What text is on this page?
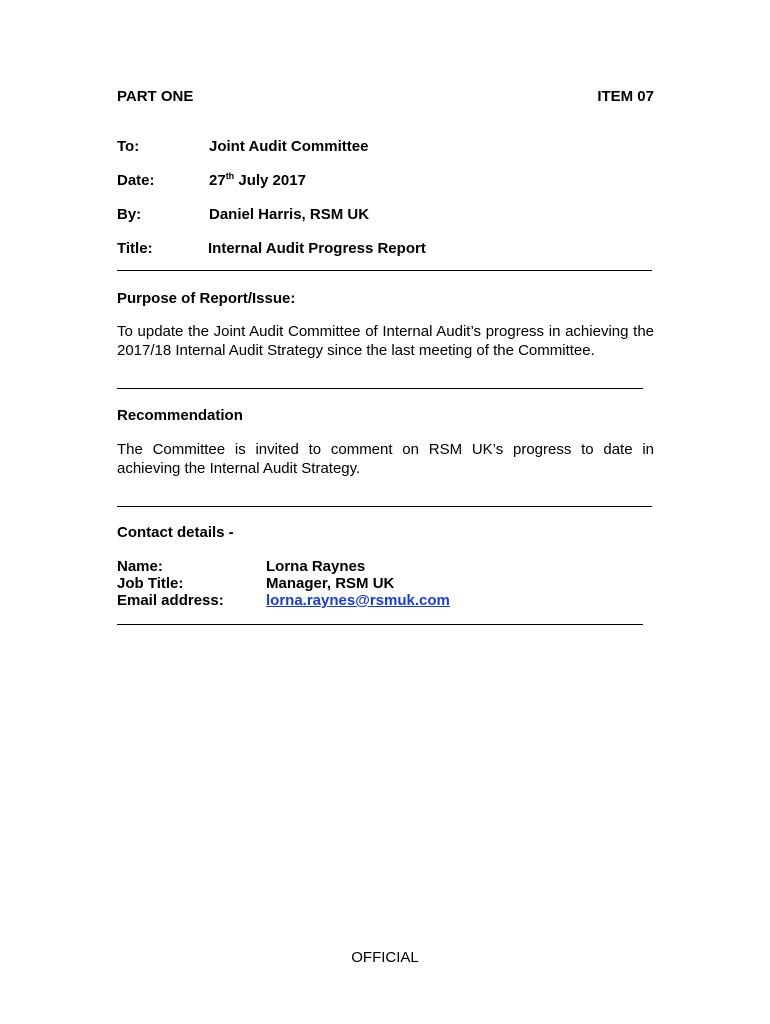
PART ONE	ITEM 07
To:	Joint Audit Committee
Date:	27th July 2017
By:	Daniel Harris, RSM UK
Title:	Internal Audit Progress Report
Purpose of Report/Issue:
To update the Joint Audit Committee of Internal Audit’s progress in achieving the 2017/18 Internal Audit Strategy since the last meeting of the Committee.
Recommendation
The Committee is invited to comment on RSM UK’s progress to date in achieving the Internal Audit Strategy.
Contact details -
Name:	Lorna Raynes
Job Title:	Manager, RSM UK
Email address:	lorna.raynes@rsmuk.com
OFFICIAL
